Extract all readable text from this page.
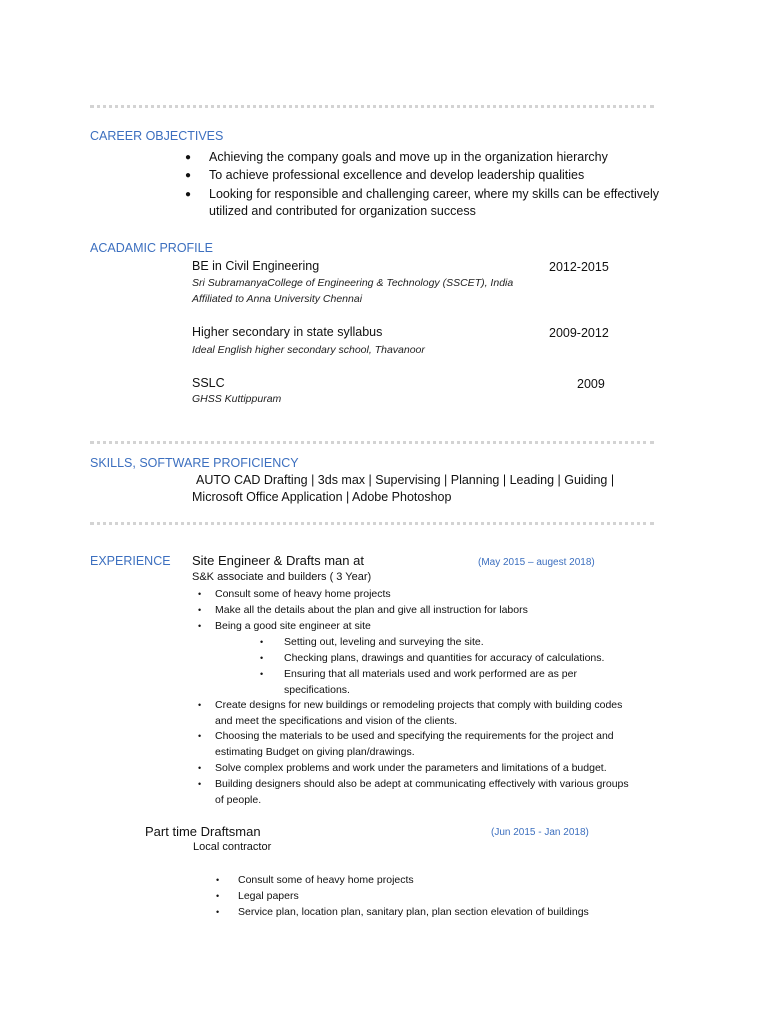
CAREER OBJECTIVES
● Achieving the company goals and move up in the organization hierarchy
● To achieve professional excellence and develop leadership qualities
● Looking for responsible and challenging career, where my skills can be effectively
utilized and contributed for organization success
ACADAMIC PROFILE
BE in Civil Engineering	2012-2015
Sri SubramanyaCollege of Engineering & Technology (SSCET), India
Affiliated to Anna University Chennai
Higher secondary in state syllabus	2009-2012
Ideal English higher secondary school, Thavanoor
SSLC	2009
GHSS Kuttippuram
SKILLS, SOFTWARE PROFICIENCY
AUTO CAD Drafting | 3ds max | Supervising | Planning | Leading | Guiding |
Microsoft Office Application | Adobe Photoshop
EXPERIENCE Site Engineer & Drafts man at	(May 2015 – augest 2018)
S&K associate and builders ( 3 Year)
• Consult some of heavy home projects
• Make all the details about the plan and give all instruction for labors
• Being a good site engineer at site
• Setting out, leveling and surveying the site.
• Checking plans, drawings and quantities for accuracy of calculations.
• Ensuring that all materials used and work performed are as per
specifications.
• Create designs for new buildings or remodeling projects that comply with building codes
and meet the specifications and vision of the clients.
• Choosing the materials to be used and specifying the requirements for the project and
estimating Budget on giving plan/drawings.
• Solve complex problems and work under the parameters and limitations of a budget.
• Building designers should also be adept at communicating effectively with various groups
of people.
Part time Draftsman	(Jun 2015 - Jan 2018)
Local contractor
• Consult some of heavy home projects
• Legal papers
• Service plan, location plan, sanitary plan, plan section elevation of buildings
